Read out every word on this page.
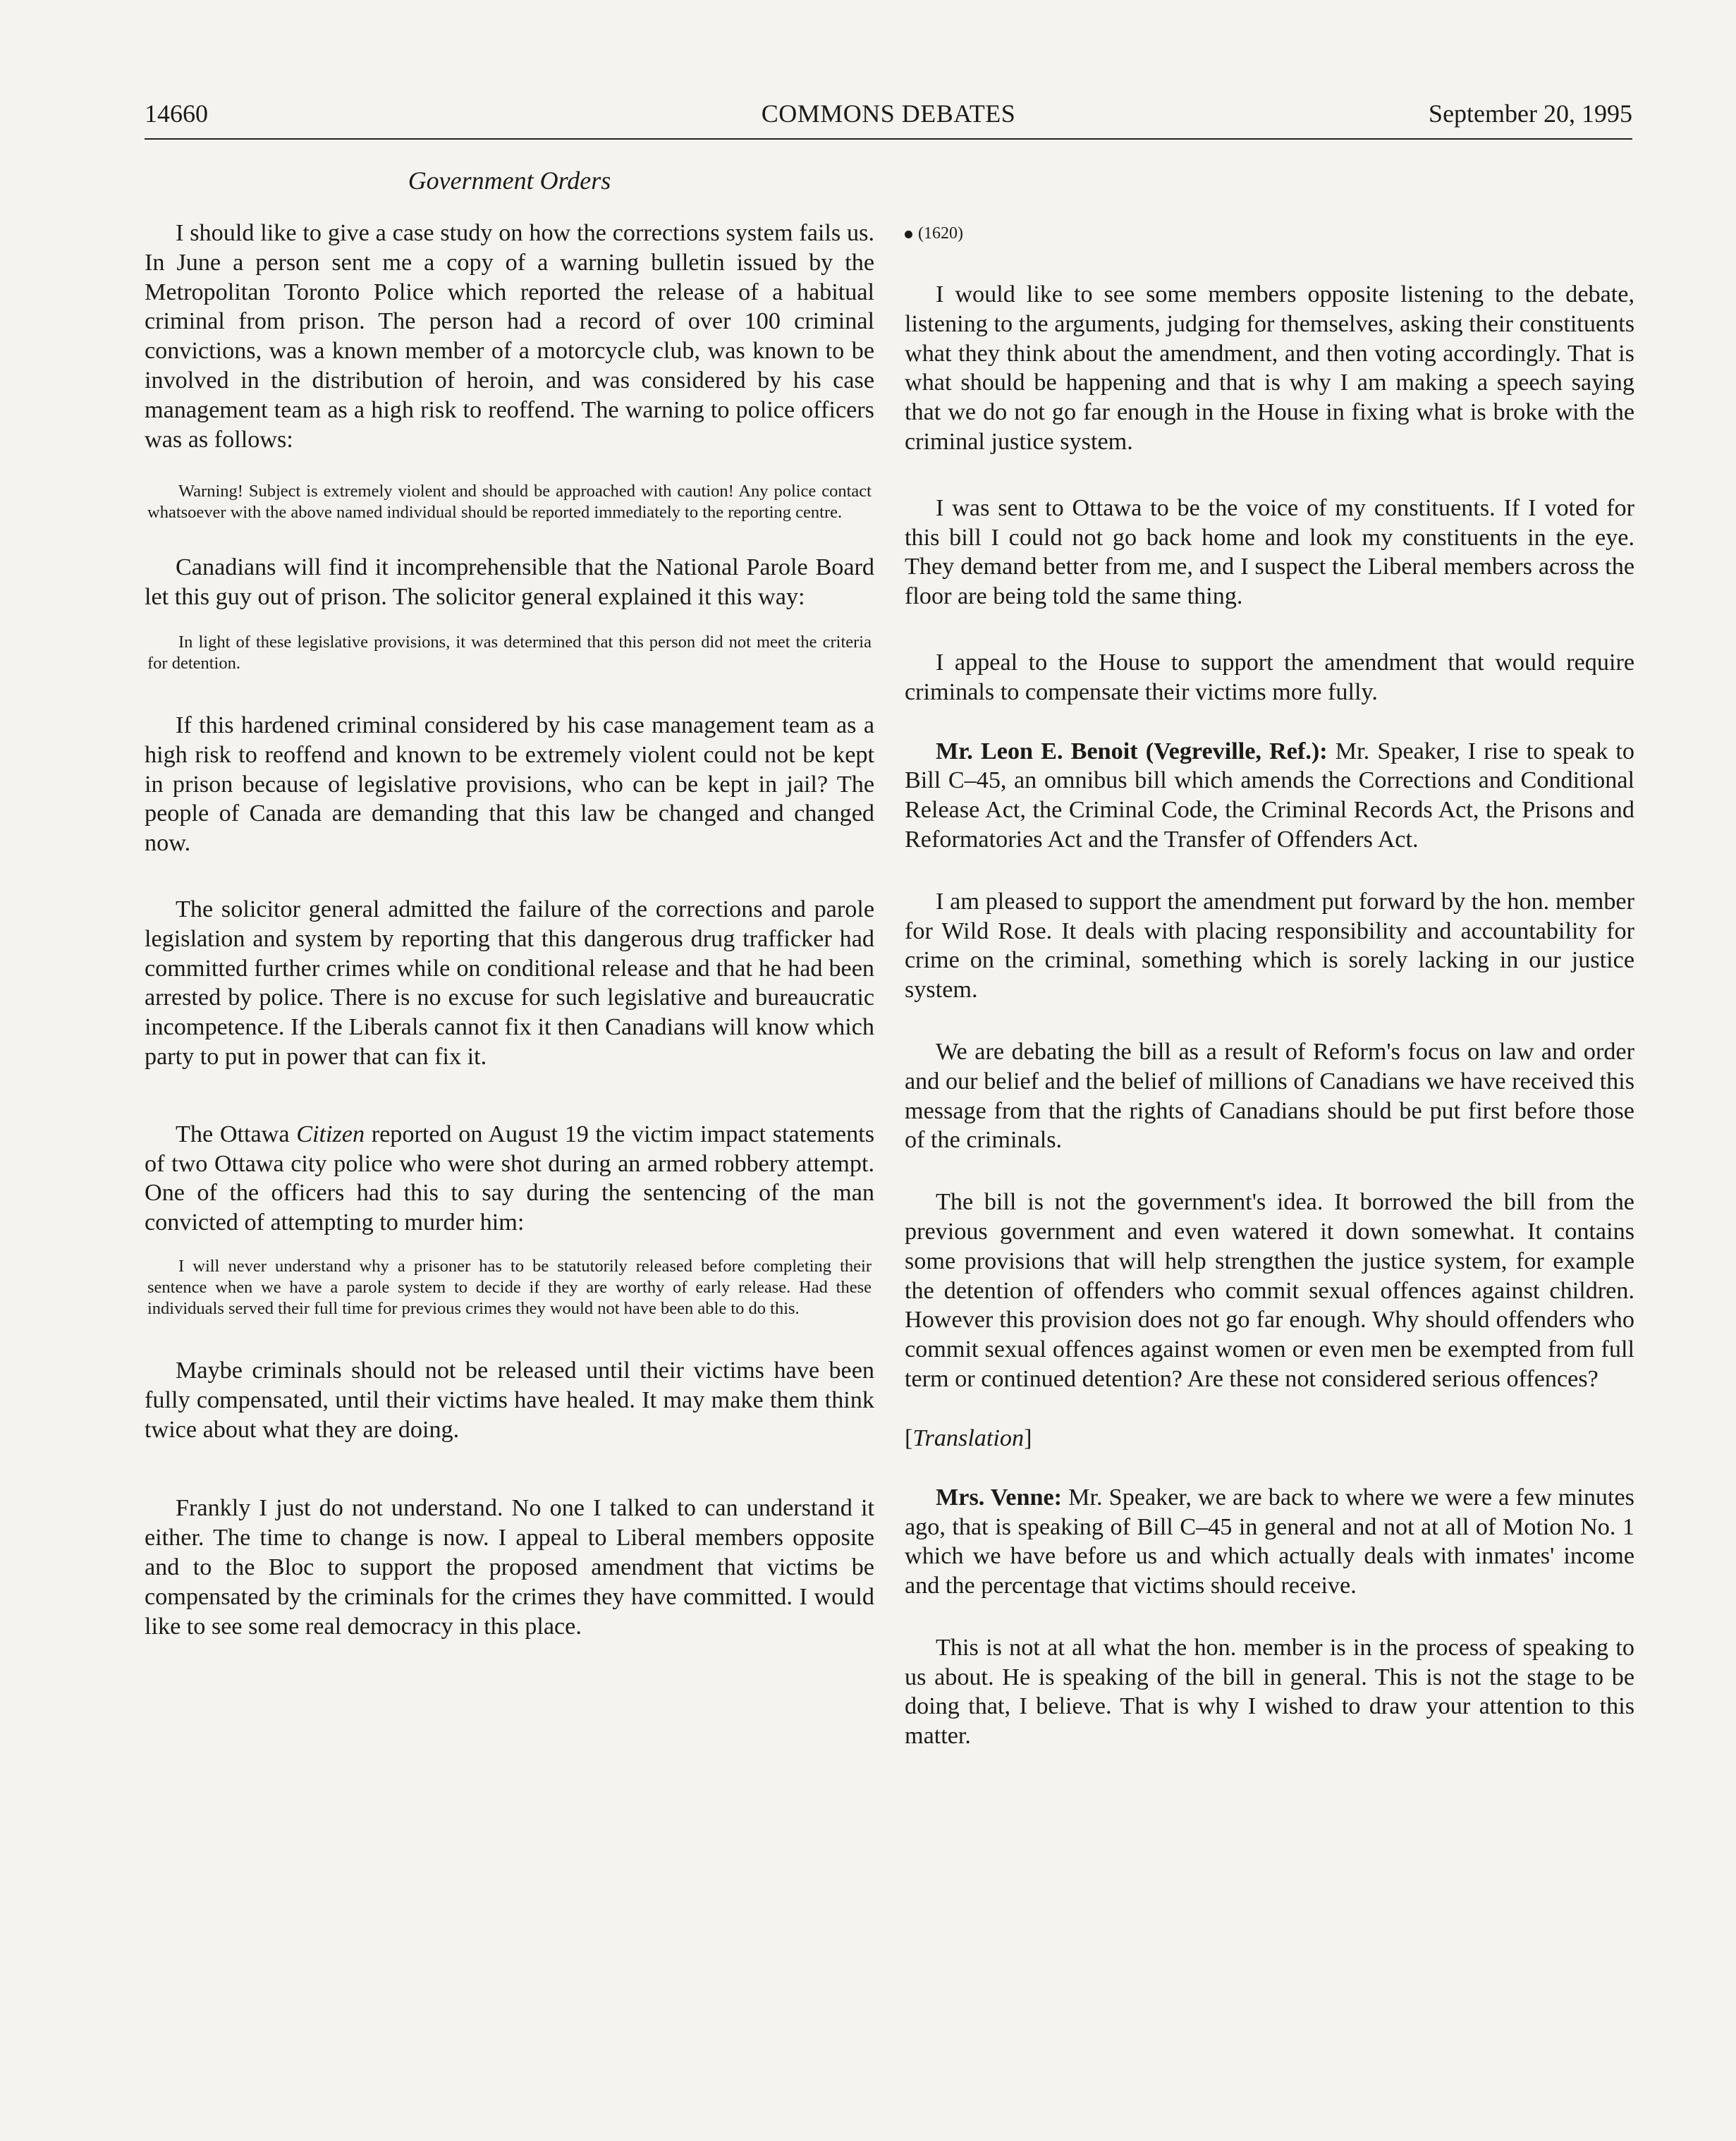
14660	COMMONS DEBATES	September 20, 1995
Government Orders

I should like to give a case study on how the corrections system fails us. In June a person sent me a copy of a warning bulletin issued by the Metropolitan Toronto Police which reported the release of a habitual criminal from prison. The person had a record of over 100 criminal convictions, was a known member of a motorcycle club, was known to be involved in the distribution of heroin, and was considered by his case management team as a high risk to reoffend. The warning to police officers was as follows:

Warning! Subject is extremely violent and should be approached with caution! Any police contact whatsoever with the above named individual should be reported immediately to the reporting centre.

Canadians will find it incomprehensible that the National Parole Board let this guy out of prison. The solicitor general explained it this way:

In light of these legislative provisions, it was determined that this person did not meet the criteria for detention.

If this hardened criminal considered by his case management team as a high risk to reoffend and known to be extremely violent could not be kept in prison because of legislative provisions, who can be kept in jail? The people of Canada are demanding that this law be changed and changed now.

The solicitor general admitted the failure of the corrections and parole legislation and system by reporting that this dangerous drug trafficker had committed further crimes while on conditional release and that he had been arrested by police. There is no excuse for such legislative and bureaucratic incompetence. If the Liberals cannot fix it then Canadians will know which party to put in power that can fix it.

The Ottawa Citizen reported on August 19 the victim impact statements of two Ottawa city police who were shot during an armed robbery attempt. One of the officers had this to say during the sentencing of the man convicted of attempting to murder him:

I will never understand why a prisoner has to be statutorily released before completing their sentence when we have a parole system to decide if they are worthy of early release. Had these individuals served their full time for previous crimes they would not have been able to do this.

Maybe criminals should not be released until their victims have been fully compensated, until their victims have healed. It may make them think twice about what they are doing.

Frankly I just do not understand. No one I talked to can understand it either. The time to change is now. I appeal to Liberal members opposite and to the Bloc to support the proposed amendment that victims be compensated by the criminals for the crimes they have committed. I would like to see some real democracy in this place.

(1620)

I would like to see some members opposite listening to the debate, listening to the arguments, judging for themselves, asking their constituents what they think about the amendment, and then voting accordingly. That is what should be happening and that is why I am making a speech saying that we do not go far enough in the House in fixing what is broke with the criminal justice system.

I was sent to Ottawa to be the voice of my constituents. If I voted for this bill I could not go back home and look my constituents in the eye. They demand better from me, and I suspect the Liberal members across the floor are being told the same thing.

I appeal to the House to support the amendment that would require criminals to compensate their victims more fully.

Mr. Leon E. Benoit (Vegreville, Ref.): Mr. Speaker, I rise to speak to Bill C–45, an omnibus bill which amends the Corrections and Conditional Release Act, the Criminal Code, the Criminal Records Act, the Prisons and Reformatories Act and the Transfer of Offenders Act.

I am pleased to support the amendment put forward by the hon. member for Wild Rose. It deals with placing responsibility and accountability for crime on the criminal, something which is sorely lacking in our justice system.

We are debating the bill as a result of Reform's focus on law and order and our belief and the belief of millions of Canadians we have received this message from that the rights of Canadians should be put first before those of the criminals.

The bill is not the government's idea. It borrowed the bill from the previous government and even watered it down somewhat. It contains some provisions that will help strengthen the justice system, for example the detention of offenders who commit sexual offences against children. However this provision does not go far enough. Why should offenders who commit sexual offences against women or even men be exempted from full term or continued detention? Are these not considered serious offences?

[Translation]

Mrs. Venne: Mr. Speaker, we are back to where we were a few minutes ago, that is speaking of Bill C–45 in general and not at all of Motion No. 1 which we have before us and which actually deals with inmates' income and the percentage that victims should receive.

This is not at all what the hon. member is in the process of speaking to us about. He is speaking of the bill in general. This is not the stage to be doing that, I believe. That is why I wished to draw your attention to this matter.
